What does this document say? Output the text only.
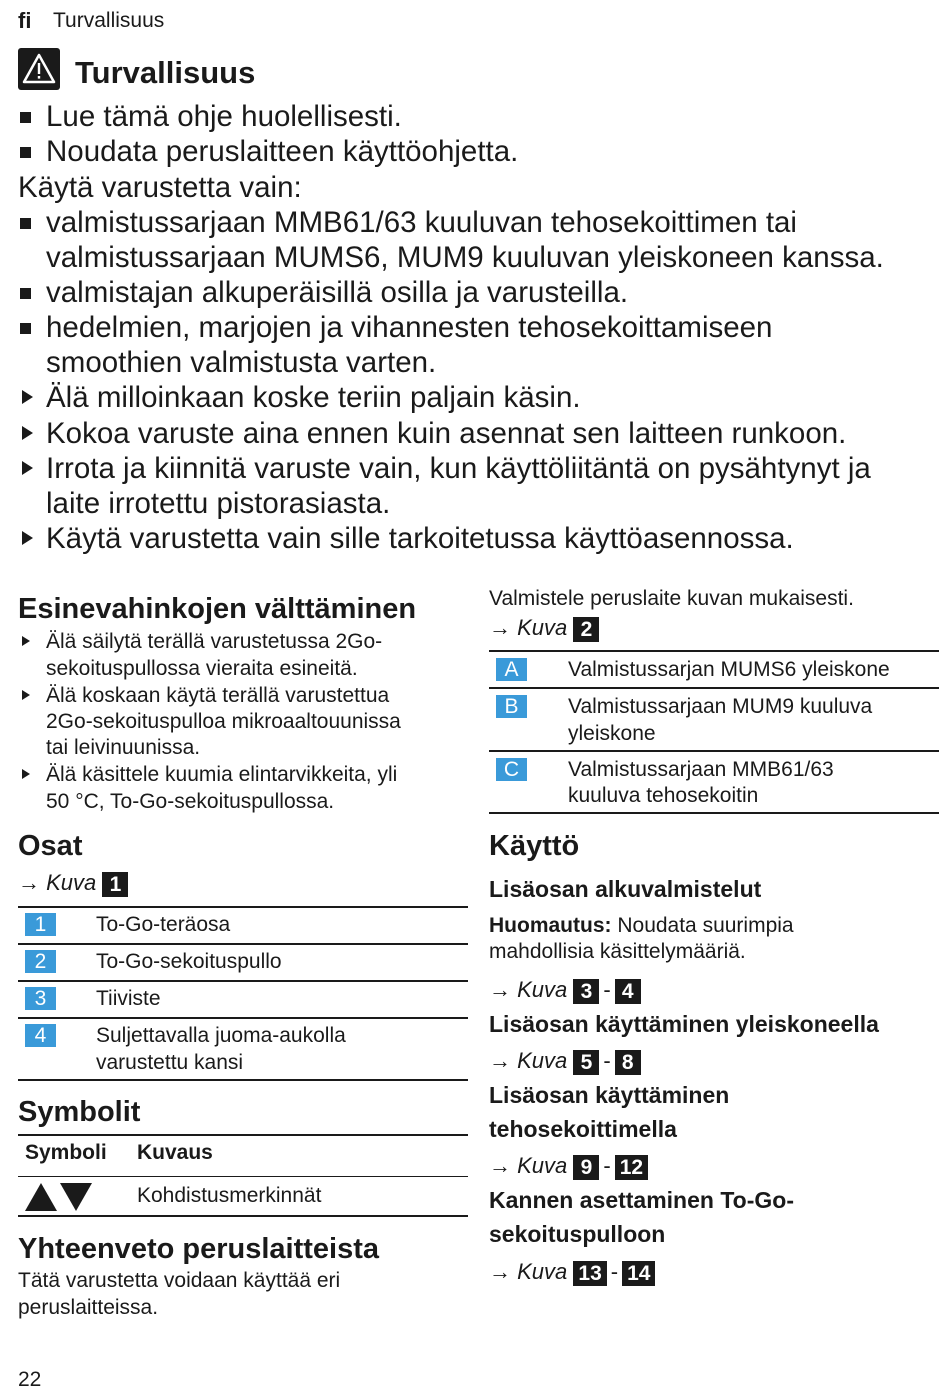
fi Turvallisuus
Turvallisuus
Lue tämä ohje huolellisesti.
Noudata peruslaitteen käyttöohjetta.
Käytä varustetta vain:
valmistussarjaan MMB61/63 kuuluvan tehosekoittimen tai
valmistussarjaan MUMS6, MUM9 kuuluvan yleiskoneen kanssa.
valmistajan alkuperäisillä osilla ja varusteilla.
hedelmien, marjojen ja vihannesten tehosekoittamiseen
smoothien valmistusta varten.
Älä milloinkaan koske teriin paljain käsin.
Kokoa varuste aina ennen kuin asennat sen laitteen runkoon.
Irrota ja kiinnitä varuste vain, kun käyttöliitäntä on pysähtynyt ja
laite irrotettu pistorasiasta.
Käytä varustetta vain sille tarkoitetussa käyttöasennossa.
Esinevahinkojen välttäminen
Älä säilytä terällä varustetussa 2Go-
sekoituspullossa vieraita esineitä.
Älä koskaan käytä terällä varustettua
2Go-sekoituspulloa mikroaaltouunissa
tai leivinuunissa.
Älä käsittele kuumia elintarvikkeita, yli
50 °C, To-Go-sekoituspullossa.
Osat
→ Kuva 1
1	To-Go-teräosa
2	To-Go-sekoituspullo
3	Tiiviste
4	Suljettavalla juoma-aukolla
varustettu kansi
Symbolit
Symboli Kuvaus
Kohdistusmerkinnät
Yhteenveto peruslaitteista
Tätä varustetta voidaan käyttää eri
peruslaitteissa.
Valmistele peruslaite kuvan mukaisesti.
→ Kuva 2
A	Valmistussarjan MUMS6 yleiskone
B	Valmistussarjaan MUM9 kuuluva
yleiskone
C	Valmistussarjaan MMB61/63
kuuluva tehosekoitin
Käyttö
Lisäosan alkuvalmistelut
Huomautus: Noudata suurimpia
mahdollisia käsittelymääriä.
→ Kuva 3 - 4
Lisäosan käyttäminen yleiskoneella
→ Kuva 5 - 8
Lisäosan käyttäminen
tehosekoittimella
→ Kuva 9 - 12
Kannen asettaminen To-Go-
sekoituspulloon
→ Kuva 13 - 14
22
